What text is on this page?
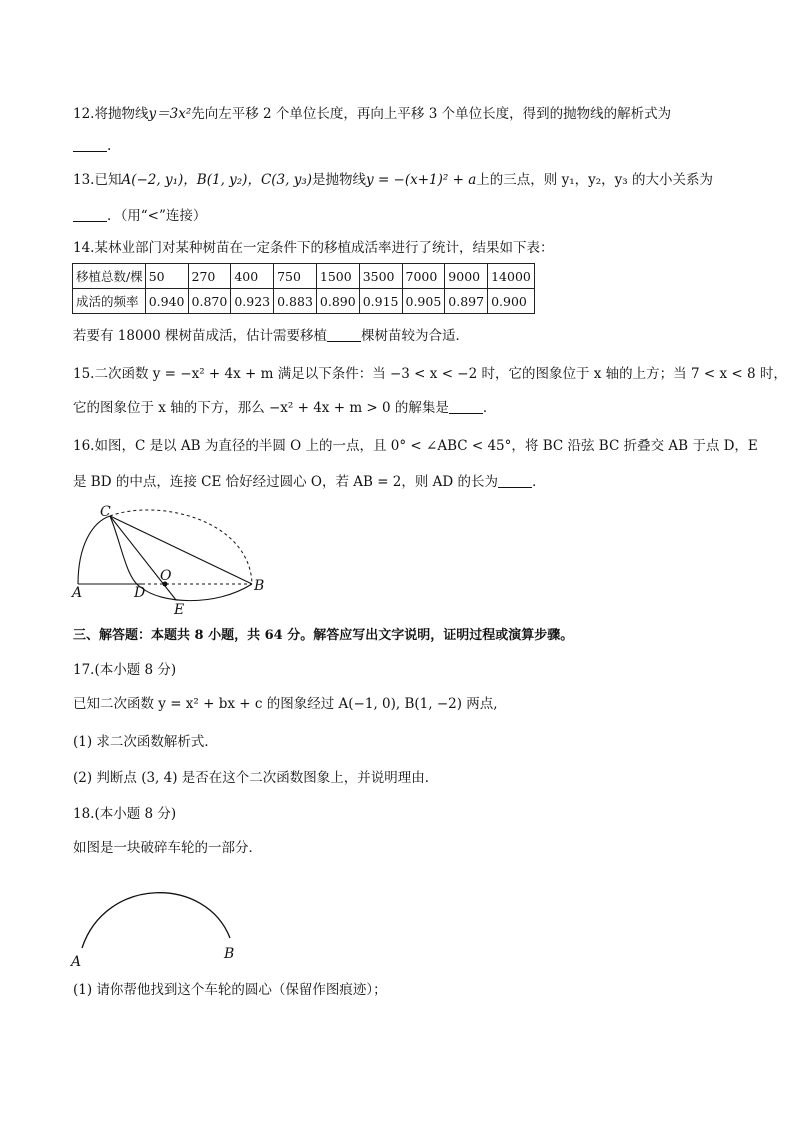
12.将抛物线y＝3x²先向左平移 2 个单位长度，再向上平移 3 个单位长度，得到的抛物线的解析式为
.
13.已知A(−2, y₁)，B(1, y₂)，C(3, y₃)是抛物线y = −(x+1)² + a上的三点，则 y₁，y₂，y₃ 的大小关系为
．（用“<”连接）
14.某林业部门对某种树苗在一定条件下的移植成活率进行了统计，结果如下表：
移植总数/棵	50	270	400	750	1500	3500	7000	9000	14000
成活的频率	0.940	0.870	0.923	0.883	0.890	0.915	0.905	0.897	0.900
若要有 18000 棵树苗成活，估计需要移植	棵树苗较为合适．
15.二次函数 y = −x² + 4x + m 满足以下条件：当 −3 < x < −2 时，它的图象位于 x 轴的上方；当 7 < x < 8 时，
它的图象位于 x 轴的下方，那么 −x² + 4x + m > 0 的解集是	．
16.如图，C 是以 AB 为直径的半圆 O 上的一点，且 0° < ∠ABC < 45°，将 BC 沿弦 BC 折叠交 AB 于点 D，E
是 BD 的中点，连接 CE 恰好经过圆心 O，若 AB = 2，则 AD 的长为	．
C
O
A	D	B
E
三、解答题：本题共 8 小题，共 64 分。解答应写出文字说明，证明过程或演算步骤。
17.(本小题 8 分)
已知二次函数 y = x² + bx + c 的图象经过 A(−1, 0), B(1, −2) 两点,
(1) 求二次函数解析式．
(2) 判断点 (3, 4) 是否在这个二次函数图象上，并说明理由．
18.(本小题 8 分)
如图是一块破碎车轮的一部分．
A	B
(1) 请你帮他找到这个车轮的圆心（保留作图痕迹）；
